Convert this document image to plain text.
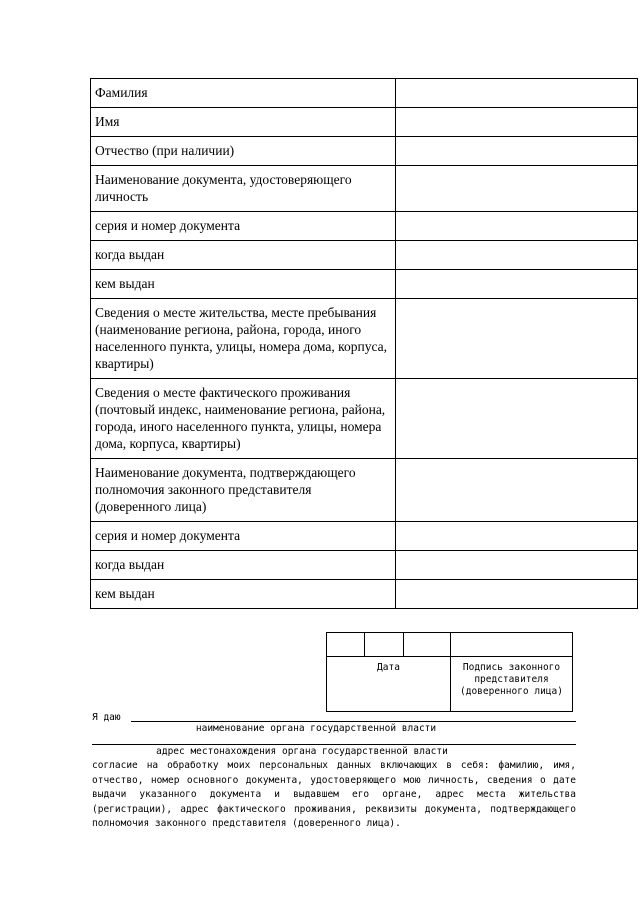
Фамилия	
Имя	
Отчество (при наличии)	
Наименование документа, удостоверяющего личность	
серия и номер документа	
когда выдан	
кем выдан	
Сведения о месте жительства, месте пребывания (наименование региона, района, города, иного населенного пункта, улицы, номера дома, корпуса, квартиры)	
Сведения о месте фактического проживания (почтовый индекс, наименование региона, района, города, иного населенного пункта, улицы, номера дома, корпуса, квартиры)	
Наименование документа, подтверждающего полномочия законного представителя (доверенного лица)	
серия и номер документа	
когда выдан	
кем выдан	

Дата			Подпись законного
представителя
(доверенного лица)
Я даю
наименование органа государственной власти
адрес местонахождения органа государственной власти
согласие на обработку моих персональных данных включающих в себя: фамилию, имя, отчество, номер основного документа, удостоверяющего мою личность, сведения о дате выдачи указанного документа и выдавшем его органе, адрес места жительства (регистрации), адрес фактического проживания, реквизиты документа, подтверждающего полномочия законного представителя (доверенного лица).
